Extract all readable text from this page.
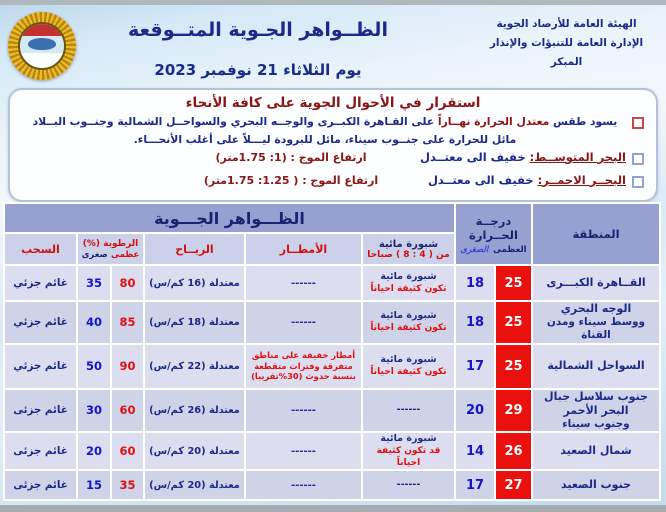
الهيئة العامة للأرصاد الجوية
الإدارة العامة للتنبؤات والإنذار المبكر
الظــواهر الجـوية المتــوقعة
يوم الثلاثاء 21 نوفمبر 2023
استقرار في الأحوال الجوية على كافة الأنحاء
يسود طقس معتدل الحرارة نهــاراً على القـاهرة الكبــرى والوجــه البحري والسواحــل الشمالية وجنــوب البــلاد مائل للحرارة على جنــوب سيناء، مائل للبرودة ليـــلاً على أغلب الأنحـــاء.
البحر المتوســط: خفيف الى معتــدل
ارتفاع الموج : (1: 1.75متر)
البحــر الاحمــر: خفيف الى معتــدل
ارتفاع الموج : ( 1.25: 1.75متر)
المنطقة	درجــة الحــرارة
العظمى
الصغرى		الظـــواهر الجـــوية					

شبورة مائية
من ( 4 : 8 ) صباحا
	الأمطــار	الريــاح	
الرطوبة (%)
عظمى
صغرى
	السحب

القــاهرة الكبـــرى	25	18	شبورة مائية
تكون كثيفة احياناً	------	معتدلة (16 كم/س)	80	35	غائم جزئي

الوجه البحري
ووسط سيناء ومدن القناة	25	18	شبورة مائية
تكون كثيفة احياناً	------	معتدلة (18 كم/س)	85	40	غائم جزئي

السواحل الشمالية	25	17	شبورة مائية
تكون كثيفة احياناً	أمطار خفيفة على مناطق متفرقة وفترات متقطعة بنسبة حدوث (30%تقريبا)	معتدلة (22 كم/س)	90	50	غائم جزئي

جنوب سلاسل جبال البحر الأحمر
وجنوب سيناء	29	20	------	------	معتدلة (26 كم/س)	60	30	غائم جزئى

شمال الصعيد	26	14	شبورة مائية
قد تكون كثيفة احياناً	------	معتدلة (20 كم/س)	60	20	غائم جزئى

جنوب الصعيد	27	17	------	------	معتدلة (20 كم/س)	35	15	غائم جزئى
